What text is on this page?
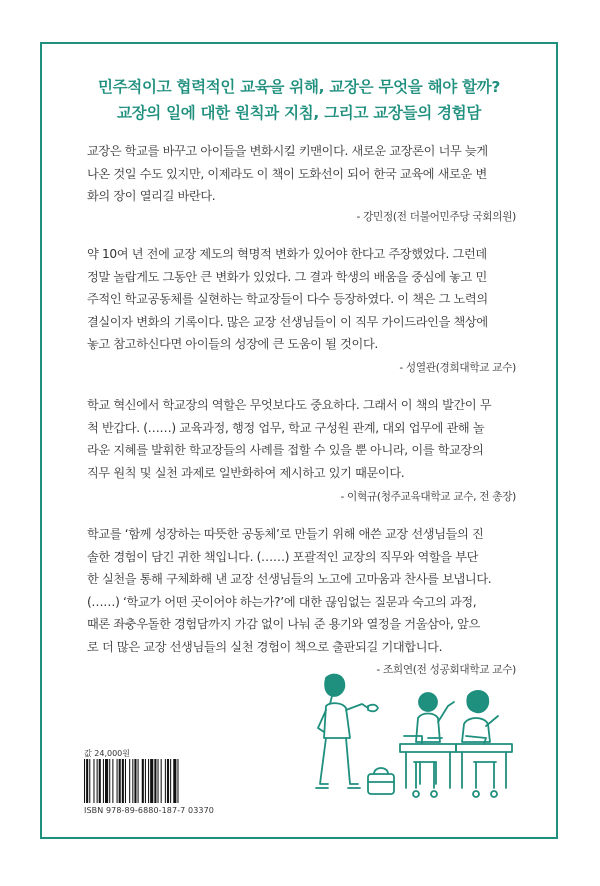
민주적이고 협력적인 교육을 위해, 교장은 무엇을 해야 할까?
교장의 일에 대한 원칙과 지침, 그리고 교장들의 경험담
교장은 학교를 바꾸고 아이들을 변화시킬 키맨이다. 새로운 교장론이 너무 늦게
나온 것일 수도 있지만, 이제라도 이 책이 도화선이 되어 한국 교육에 새로운 변
화의 장이 열리길 바란다.
- 강민정(전 더불어민주당 국회의원)
약 10여 년 전에 교장 제도의 혁명적 변화가 있어야 한다고 주장했었다. 그런데
정말 놀랍게도 그동안 큰 변화가 있었다. 그 결과 학생의 배움을 중심에 놓고 민
주적인 학교공동체를 실현하는 학교장들이 다수 등장하였다. 이 책은 그 노력의
결실이자 변화의 기록이다. 많은 교장 선생님들이 이 직무 가이드라인을 책상에
놓고 참고하신다면 아이들의 성장에 큰 도움이 될 것이다.
- 성열관(경희대학교 교수)
학교 혁신에서 학교장의 역할은 무엇보다도 중요하다. 그래서 이 책의 발간이 무
척 반갑다. (……) 교육과정, 행정 업무, 학교 구성원 관계, 대외 업무에 관해 놀
라운 지혜를 발휘한 학교장들의 사례를 접할 수 있을 뿐 아니라, 이를 학교장의
직무 원칙 및 실천 과제로 일반화하여 제시하고 있기 때문이다.
- 이혁규(청주교육대학교 교수, 전 총장)
학교를 ‘함께 성장하는 따뜻한 공동체’로 만들기 위해 애쓴 교장 선생님들의 진
솔한 경험이 담긴 귀한 책입니다. (……) 포괄적인 교장의 직무와 역할을 부단
한 실천을 통해 구체화해 낸 교장 선생님들의 노고에 고마움과 찬사를 보냅니다.
(……) ‘학교가 어떤 곳이어야 하는가?’에 대한 끊임없는 질문과 숙고의 과정,
때론 좌충우돌한 경험담까지 가감 없이 나눠 준 용기와 열정을 거울삼아, 앞으
로 더 많은 교장 선생님들의 실천 경험이 책으로 출판되길 기대합니다.
- 조희연(전 성공회대학교 교수)
값 24,000원
ISBN 978-89-6880-187-7 03370
